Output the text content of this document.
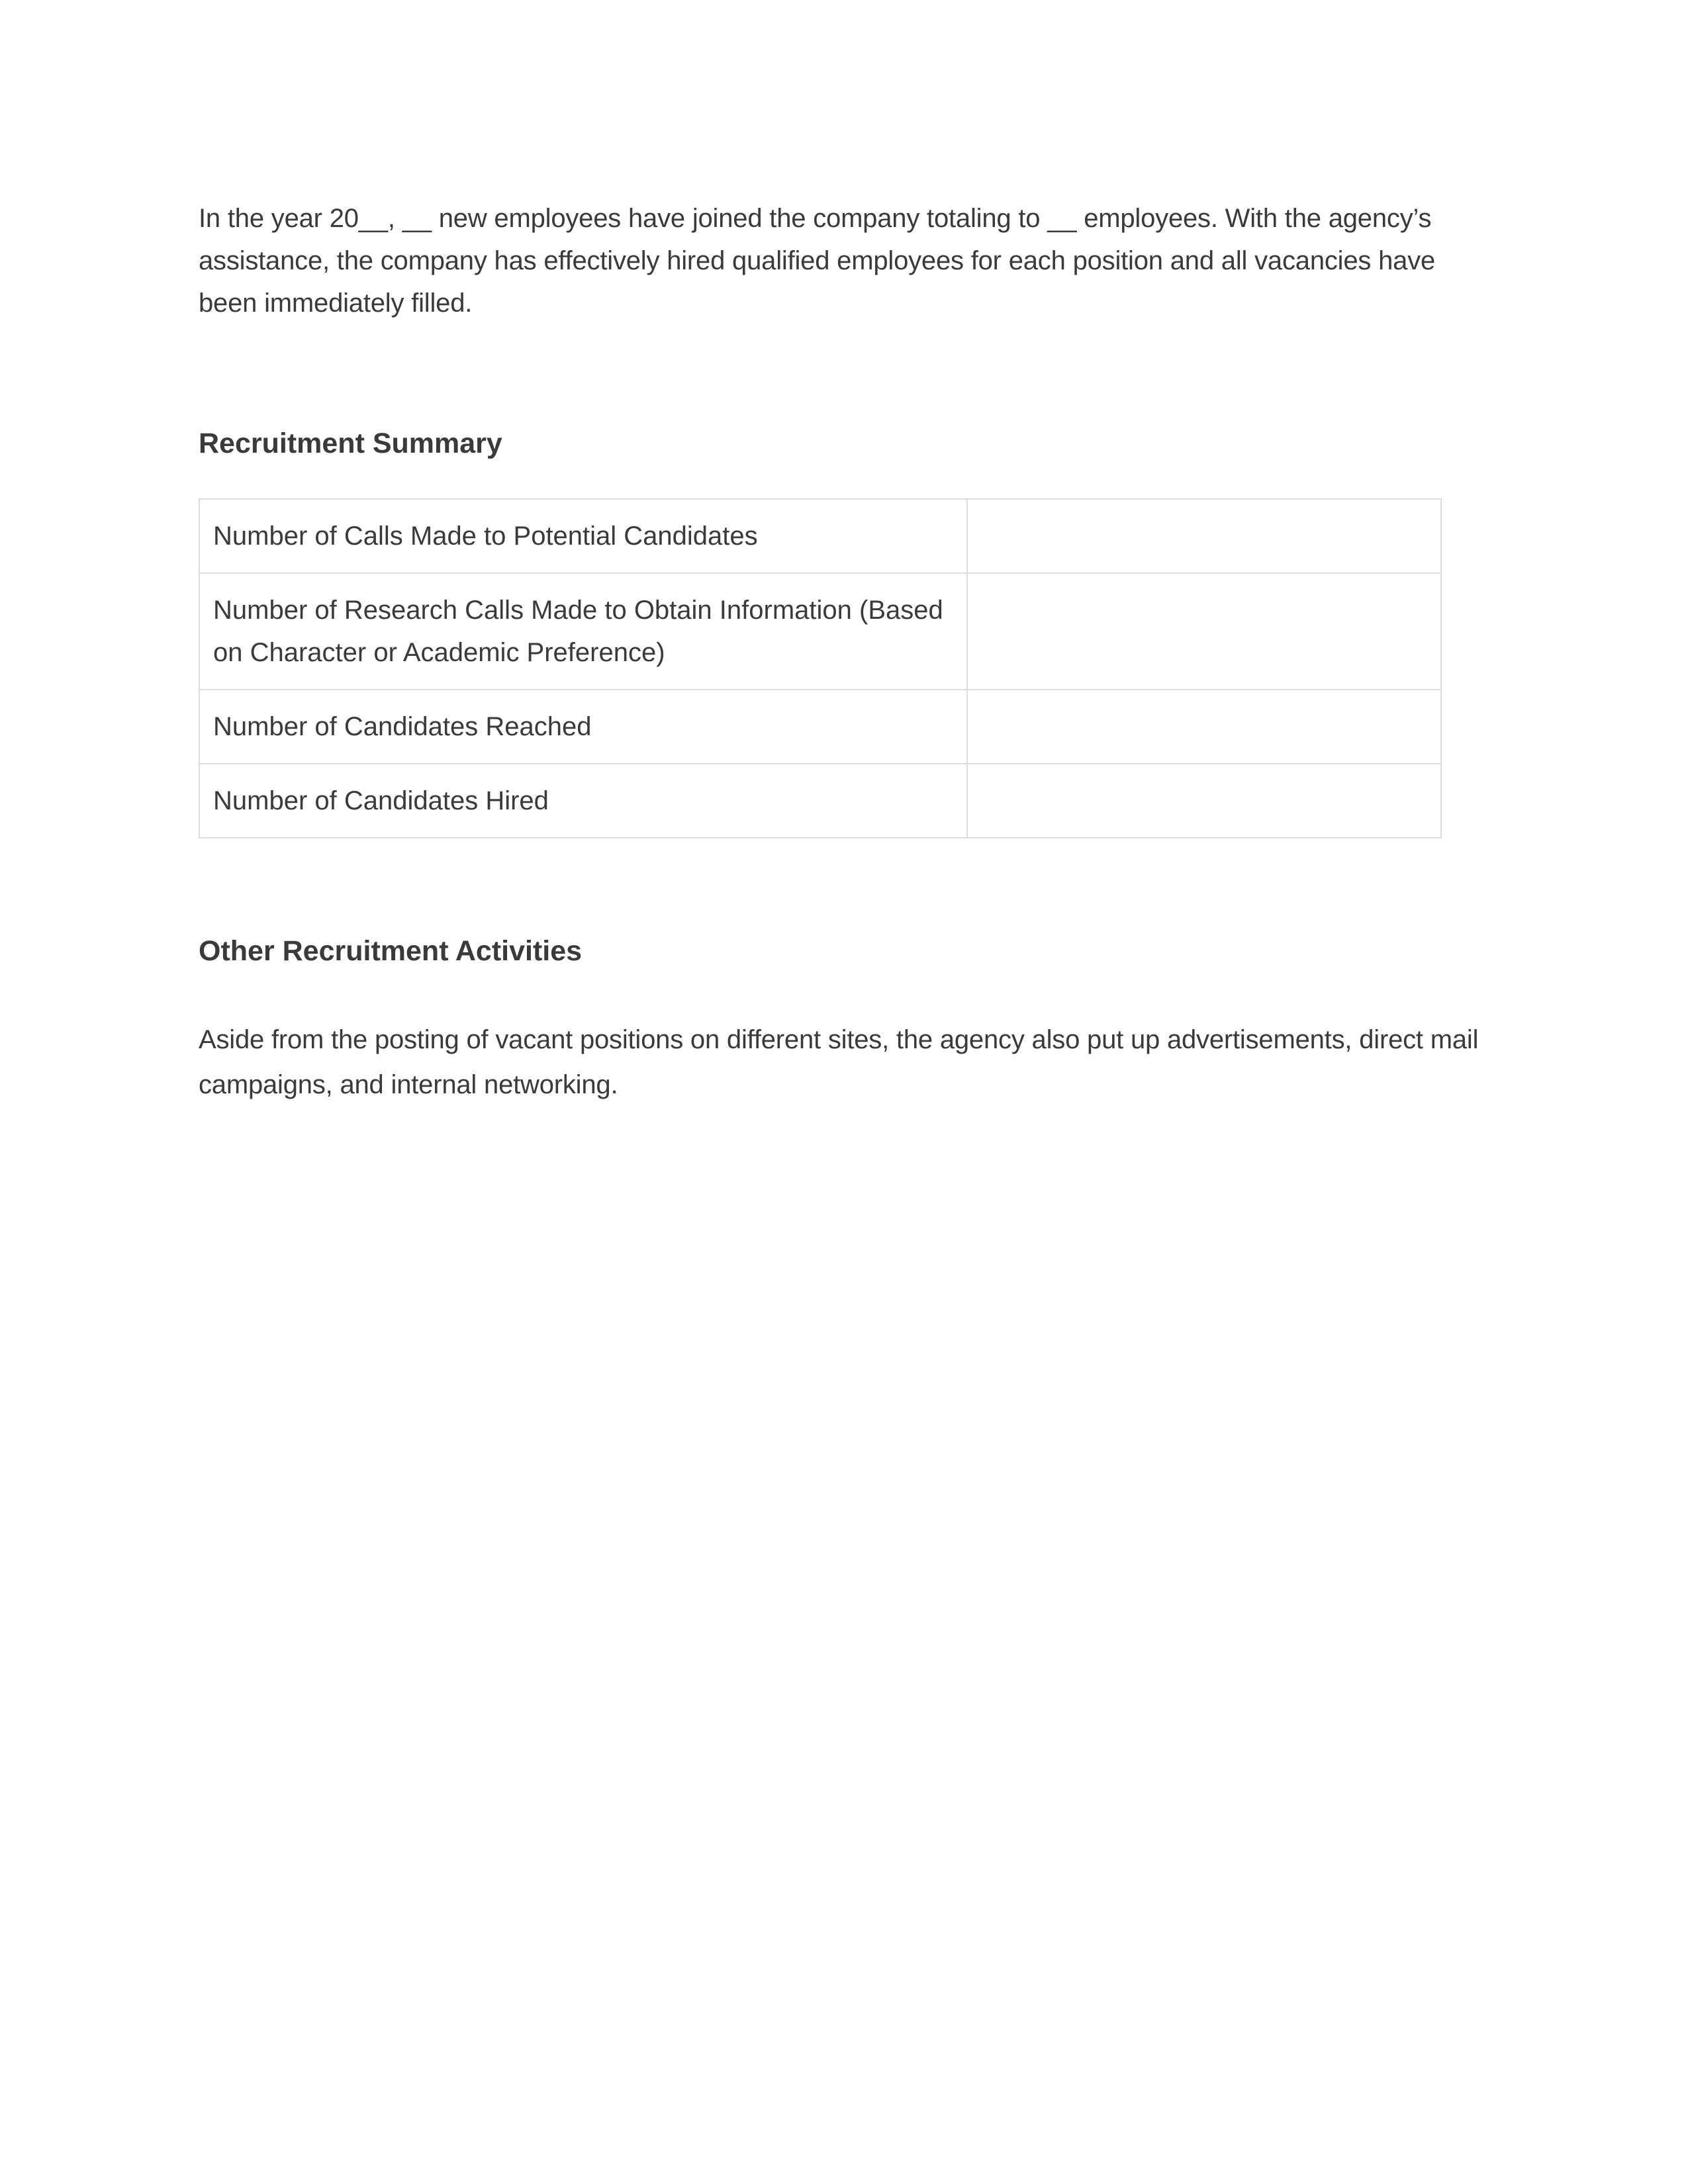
In the year 20__, __ new employees have joined the company totaling to __ employees. With the agency’s assistance, the company has effectively hired qualified employees for each position and all vacancies have been immediately filled.

Recruitment Summary
Number of Calls Made to Potential Candidates	
Number of Research Calls Made to Obtain Information (Based on Character or Academic Preference)	
Number of Candidates Reached	
Number of Candidates Hired	
Other Recruitment Activities

Aside from the posting of vacant positions on different sites, the agency also put up advertisements, direct mail campaigns, and internal networking.
